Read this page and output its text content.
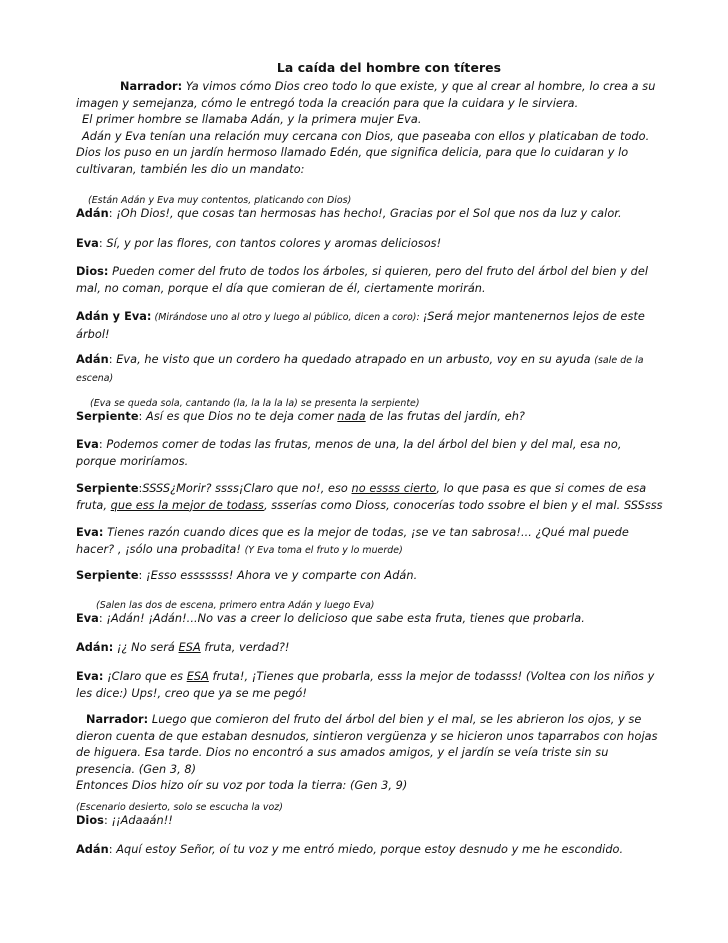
La caída del hombre con títeres
Narrador: Ya vimos cómo Dios creo todo lo que existe, y que al crear al hombre, lo crea a su imagen y semejanza, cómo le entregó toda la creación para que la cuidara y le sirviera.
El primer hombre se llamaba Adán, y la primera mujer Eva.
Adán y Eva tenían una relación muy cercana con Dios, que paseaba con ellos y platicaban de todo. Dios los puso en un jardín hermoso llamado Edén, que significa delicia, para que lo cuidaran y lo cultivaran, también les dio un mandato:
(Están Adán y Eva muy contentos, platicando con Dios)
Adán: ¡Oh Dios!, que cosas tan hermosas has hecho!, Gracias por el Sol que nos da luz y calor.
Eva: Sí, y por las flores, con tantos colores y aromas deliciosos!
Dios: Pueden comer del fruto de todos los árboles, si quieren, pero del fruto del árbol del bien y del mal, no coman, porque el día que comieran de él, ciertamente morirán.
Adán y Eva: (Mirándose uno al otro y luego al público, dicen a coro): ¡Será mejor mantenernos lejos de este árbol!
Adán: Eva, he visto que un cordero ha quedado atrapado en un arbusto, voy en su ayuda (sale de la escena)
(Eva se queda sola, cantando (la, la la la la) se presenta la serpiente)
Serpiente: Así es que Dios no te deja comer nada de las frutas del jardín, eh?
Eva: Podemos comer de todas las frutas, menos de una, la del árbol del bien y del mal, esa no, porque moriríamos.
Serpiente:SSSS¿Morir? ssss¡Claro que no!, eso no essss cierto, lo que pasa es que si comes de esa fruta, que ess la mejor de todass, ssserías como Dioss, conocerías todo ssobre el bien y el mal. SSSsss
Eva: Tienes razón cuando dices que es la mejor de todas, ¡se ve tan sabrosa!... ¿Qué mal puede hacer? , ¡sólo una probadita! (Y Eva toma el fruto y lo muerde)
Serpiente: ¡Esso esssssss! Ahora ve y comparte con Adán.
(Salen las dos de escena, primero entra Adán y luego Eva)
Eva: ¡Adán! ¡Adán!...No vas a creer lo delicioso que sabe esta fruta, tienes que probarla.
Adán: ¡¿ No será ESA fruta, verdad?!
Eva: ¡Claro que es ESA fruta!, ¡Tienes que probarla, esss la mejor de todasss! (Voltea con los niños y les dice:) Ups!, creo que ya se me pegó!
Narrador: Luego que comieron del fruto del árbol del bien y el mal, se les abrieron los ojos, y se dieron cuenta de que estaban desnudos, sintieron vergüenza y se hicieron unos taparrabos con hojas de higuera. Esa tarde. Dios no encontró a sus amados amigos, y el jardín se veía triste sin su presencia. (Gen 3, 8)
Entonces Dios hizo oír su voz por toda la tierra: (Gen 3, 9)
(Escenario desierto, solo se escucha la voz)
Dios: ¡¡Adaaán!!
Adán: Aquí estoy Señor, oí tu voz y me entró miedo, porque estoy desnudo y me he escondido.
